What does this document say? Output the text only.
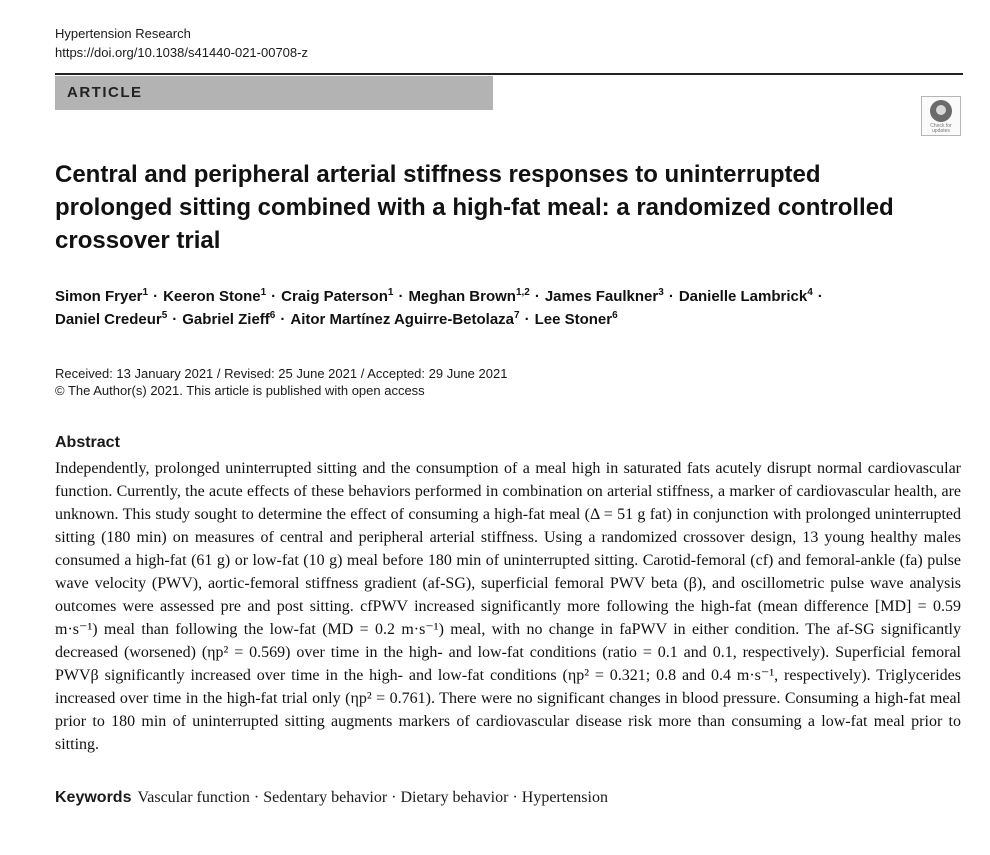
Hypertension Research
https://doi.org/10.1038/s41440-021-00708-z
ARTICLE
Check for updates
Central and peripheral arterial stiffness responses to uninterrupted prolonged sitting combined with a high-fat meal: a randomized controlled crossover trial
Simon Fryer$^1$ · Keeron Stone$^1$ · Craig Paterson$^1$ · Meghan Brown$^{1,2}$ · James Faulkner$^3$ · Danielle Lambrick$^4$ ·
Daniel Credeur$^5$ · Gabriel Zieff$^6$ · Aitor Martínez Aguirre-Betolaza$^7$ · Lee Stoner$^6$
Received: 13 January 2021 / Revised: 25 June 2021 / Accepted: 29 June 2021
© The Author(s) 2021. This article is published with open access
Abstract

Independently, prolonged uninterrupted sitting and the consumption of a meal high in saturated fats acutely disrupt normal cardiovascular function. Currently, the acute effects of these behaviors performed in combination on arterial stiffness, a marker of cardiovascular health, are unknown. This study sought to determine the effect of consuming a high-fat meal (Δ = 51 g fat) in conjunction with prolonged uninterrupted sitting (180 min) on measures of central and peripheral arterial stiffness. Using a randomized crossover design, 13 young healthy males consumed a high-fat (61 g) or low-fat (10 g) meal before 180 min of uninterrupted sitting. Carotid-femoral (cf) and femoral-ankle (fa) pulse wave velocity (PWV), aortic-femoral stiffness gradient (af-SG), superficial femoral PWV beta (β), and oscillometric pulse wave analysis outcomes were assessed pre and post sitting. cfPWV increased significantly more following the high-fat (mean difference [MD] = 0.59 m·s⁻¹) meal than following the low-fat (MD = 0.2 m·s⁻¹) meal, with no change in faPWV in either condition. The af-SG significantly decreased (worsened) (ηp² = 0.569) over time in the high- and low-fat conditions (ratio = 0.1 and 0.1, respectively). Superficial femoral PWVβ significantly increased over time in the high- and low-fat conditions (ηp² = 0.321; 0.8 and 0.4 m·s⁻¹, respectively). Triglycerides increased over time in the high-fat trial only (ηp² = 0.761). There were no significant changes in blood pressure. Consuming a high-fat meal prior to 180 min of uninterrupted sitting augments markers of cardiovascular disease risk more than consuming a low-fat meal prior to sitting.

Keywords Vascular function · Sedentary behavior · Dietary behavior · Hypertension
